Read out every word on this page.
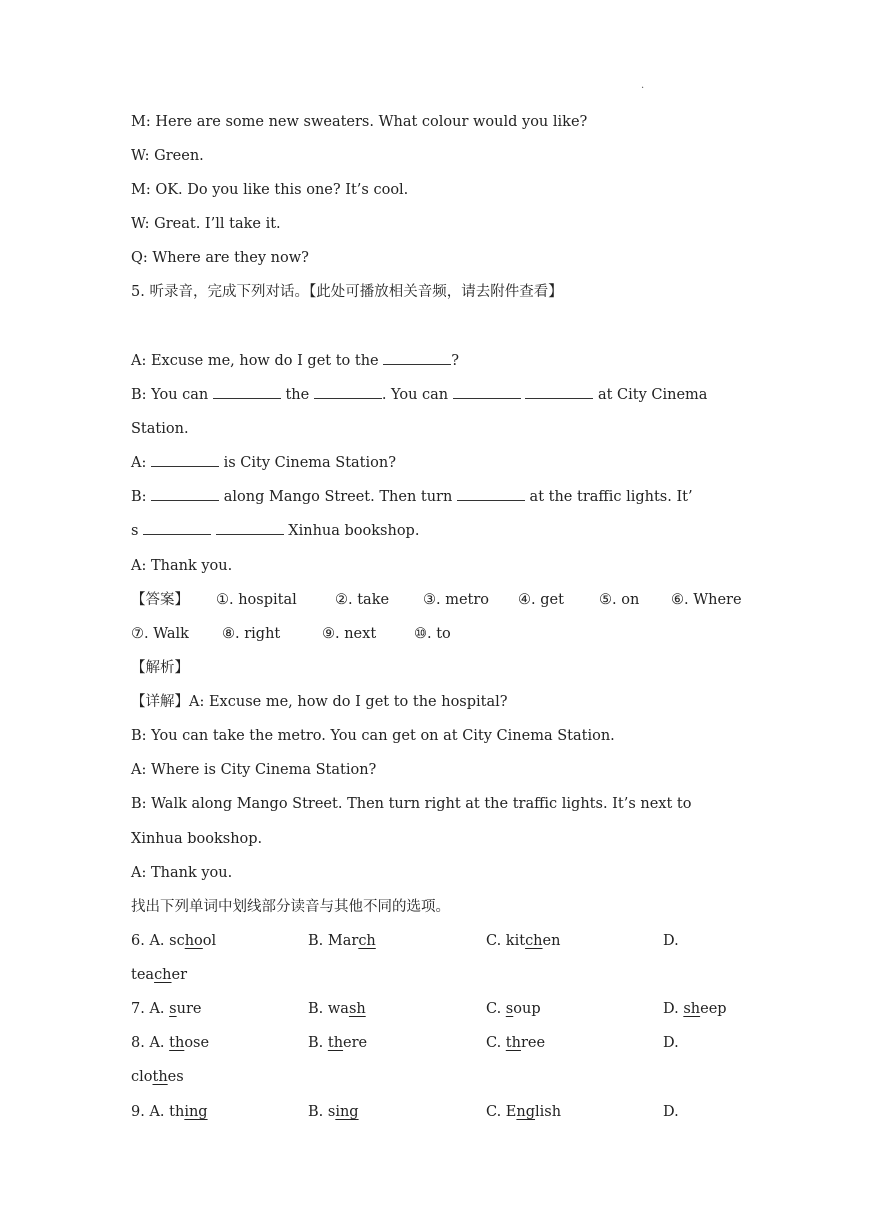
.
M: Here are some new sweaters. What colour would you like?
W: Green.
M: OK. Do you like this one? It’s cool.
W: Great. I’ll take it.
Q: Where are they now?
5. 听录音，完成下列对话。【此处可播放相关音频，请去附件查看】
A: Excuse me, how do I get to the	?
B: You can	the	. You can	at City Cinema
Station.
A:	is City Cinema Station?
B:	along Mango Street. Then turn	at the traffic lights. It’
s	Xinhua bookshop.
A: Thank you.
【答案】 ①. hospital	②. take ③. metro ④. get ⑤. on ⑥. Where
⑦. Walk ⑧. right	⑨. next	⑩. to
【解析】
【详解】A: Excuse me, how do I get to the hospital?
B: You can take the metro. You can get on at City Cinema Station.
A: Where is City Cinema Station?
B: Walk along Mango Street. Then turn right at the traffic lights. It’s next to
Xinhua bookshop.
A: Thank you.
找出下列单词中划线部分读音与其他不同的选项。
6. A. school	B. March	C. kitchen	D.
teacher
7. A. sure	B. wash	C. soup	D. sheep
8. A. those	B. there	C. three	D.
clothes
9. A. thing	B. sing	C. English	D.
